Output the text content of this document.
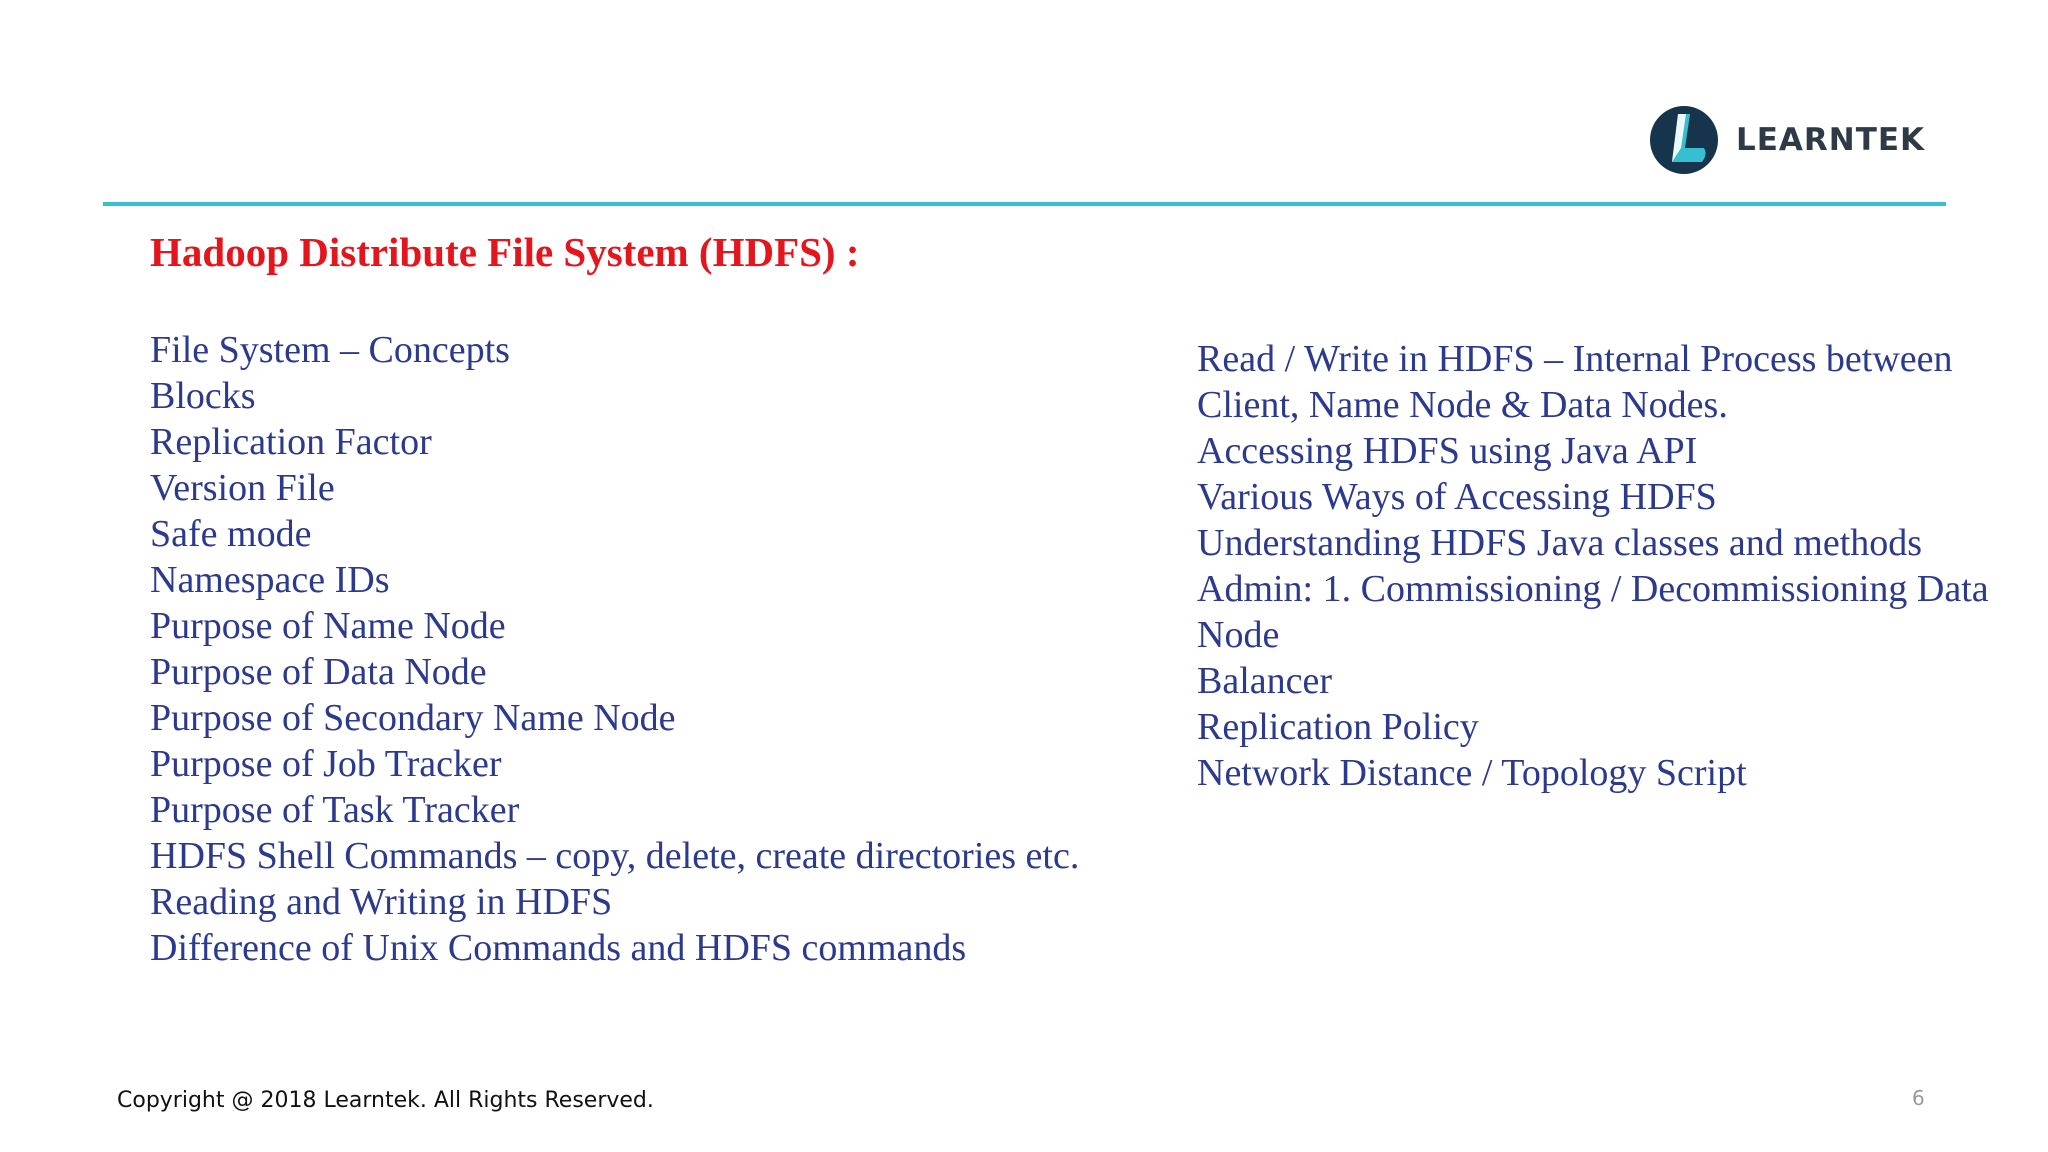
LEARNTEK
Hadoop Distribute File System (HDFS) :
File System – Concepts
Blocks
Replication Factor
Version File
Safe mode
Namespace IDs
Purpose of Name Node
Purpose of Data Node
Purpose of Secondary Name Node
Purpose of Job Tracker
Purpose of Task Tracker
HDFS Shell Commands – copy, delete, create directories etc.
Reading and Writing in HDFS
Difference of Unix Commands and HDFS commands
Read / Write in HDFS – Internal Process between
Client, Name Node & Data Nodes.
Accessing HDFS using Java API
Various Ways of Accessing HDFS
Understanding HDFS Java classes and methods
Admin: 1. Commissioning / Decommissioning Data
Node
Balancer
Replication Policy
Network Distance / Topology Script
Copyright @ 2018 Learntek. All Rights Reserved.	6
